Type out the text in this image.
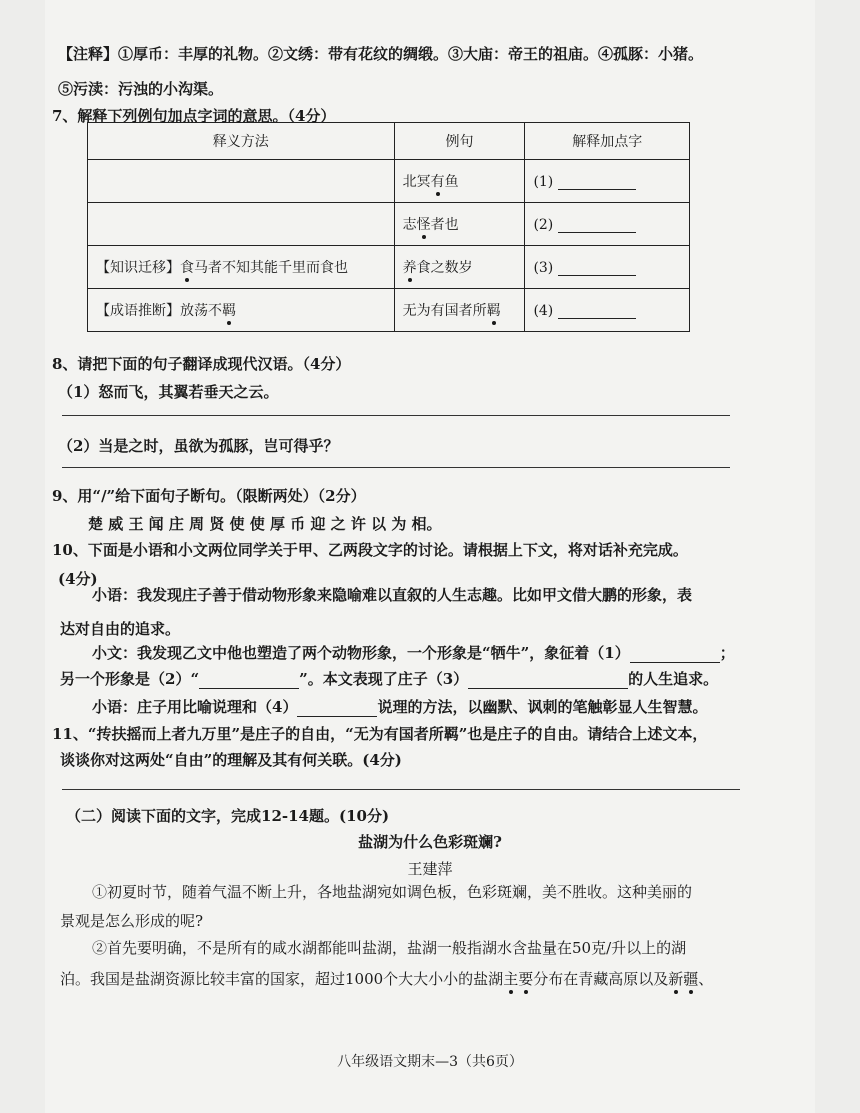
【注释】①厚币：丰厚的礼物。②文绣：带有花纹的绸缎。③大庙：帝王的祖庙。④孤豚：小猪。
⑤污渎：污浊的小沟渠。
7、解释下列例句加点字词的意思。（4分）
释义方法	例句	解释加点字
	北冥有鱼	(1)
	志怪者也	(2)
【知识迁移】食马者不知其能千里而食也	养食之数岁	(3)
【成语推断】放荡不羁	无为有国者所羁	(4)
8、请把下面的句子翻译成现代汉语。（4分）
（1）怒而飞，其翼若垂天之云。
（2）当是之时，虽欲为孤豚，岂可得乎？
9、用“/”给下面句子断句。（限断两处）（2分）
楚 威 王 闻 庄 周 贤 使 使 厚 币 迎 之 许 以 为 相。
10、下面是小语和小文两位同学关于甲、乙两段文字的讨论。请根据上下文，将对话补充完成。
(4分)
小语：我发现庄子善于借动物形象来隐喻难以直叙的人生志趣。比如甲文借大鹏的形象，表
达对自由的追求。
小文：我发现乙文中他也塑造了两个动物形象，一个形象是“牺牛”，象征着（1）	；
另一个形象是（2）“	”。本文表现了庄子（3）	的人生追求。
小语：庄子用比喻说理和（4）	说理的方法，以幽默、讽刺的笔触彰显人生智慧。
11、“抟扶摇而上者九万里”是庄子的自由，“无为有国者所羁”也是庄子的自由。请结合上述文本，
谈谈你对这两处“自由”的理解及其有何关联。(4分)
（二）阅读下面的文字，完成12-14题。(10分)
盐湖为什么色彩斑斓?
王建萍
①初夏时节，随着气温不断上升，各地盐湖宛如调色板，色彩斑斓，美不胜收。这种美丽的
景观是怎么形成的呢?
②首先要明确，不是所有的咸水湖都能叫盐湖，盐湖一般指湖水含盐量在50克/升以上的湖
泊。我国是盐湖资源比较丰富的国家，超过1000个大大小小的盐湖主要分布在青藏高原以及新疆、
八年级语文期末—3（共6页）
